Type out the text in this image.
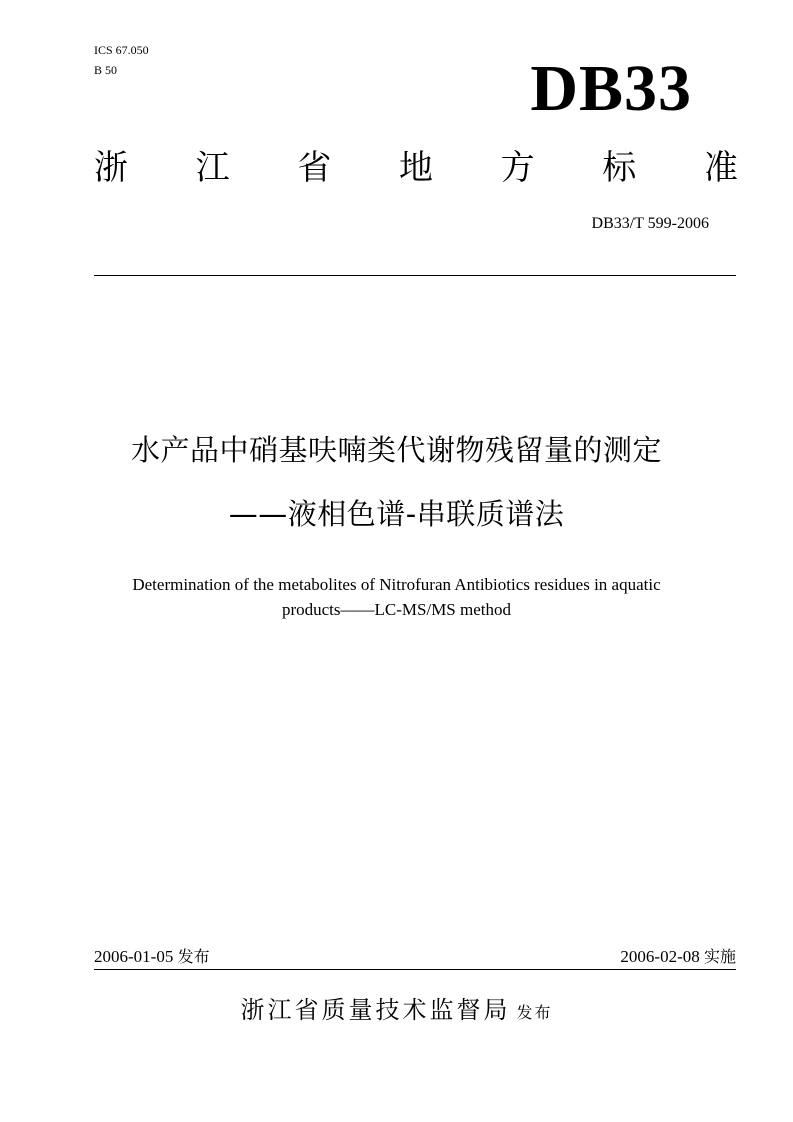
ICS 67.050
B 50	DB33
浙 江 省 地 方 标 准
DB33/T 599-2006
水产品中硝基呋喃类代谢物残留量的测定
——液相色谱-串联质谱法
Determination of the metabolites of Nitrofuran Antibiotics residues in aquatic
products——LC-MS/MS method
2006-01-05 发布	2006-02-08 实施
浙江省质量技术监督局 发布
